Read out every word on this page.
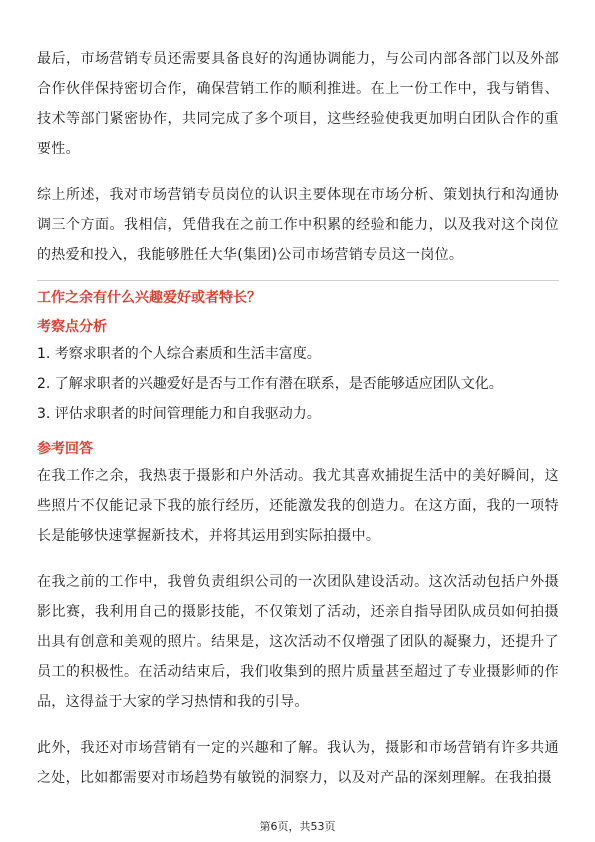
最后，市场营销专员还需要具备良好的沟通协调能力，与公司内部各部门以及外部合作伙伴保持密切合作，确保营销工作的顺利推进。在上一份工作中，我与销售、技术等部门紧密协作，共同完成了多个项目，这些经验使我更加明白团队合作的重要性。

综上所述，我对市场营销专员岗位的认识主要体现在市场分析、策划执行和沟通协调三个方面。我相信，凭借我在之前工作中积累的经验和能力，以及我对这个岗位的热爱和投入，我能够胜任大华(集团)公司市场营销专员这一岗位。

工作之余有什么兴趣爱好或者特长？

考察点分析

1. 考察求职者的个人综合素质和生活丰富度。

2. 了解求职者的兴趣爱好是否与工作有潜在联系，是否能够适应团队文化。

3. 评估求职者的时间管理能力和自我驱动力。

参考回答

在我工作之余，我热衷于摄影和户外活动。我尤其喜欢捕捉生活中的美好瞬间，这些照片不仅能记录下我的旅行经历，还能激发我的创造力。在这方面，我的一项特长是能够快速掌握新技术，并将其运用到实际拍摄中。

在我之前的工作中，我曾负责组织公司的一次团队建设活动。这次活动包括户外摄影比赛，我利用自己的摄影技能，不仅策划了活动，还亲自指导团队成员如何拍摄出具有创意和美观的照片。结果是，这次活动不仅增强了团队的凝聚力，还提升了员工的积极性。在活动结束后，我们收集到的照片质量甚至超过了专业摄影师的作品，这得益于大家的学习热情和我的引导。

此外，我还对市场营销有一定的兴趣和了解。我认为，摄影和市场营销有许多共通之处，比如都需要对市场趋势有敏锐的洞察力，以及对产品的深刻理解。在我拍摄

第6页，共53页
